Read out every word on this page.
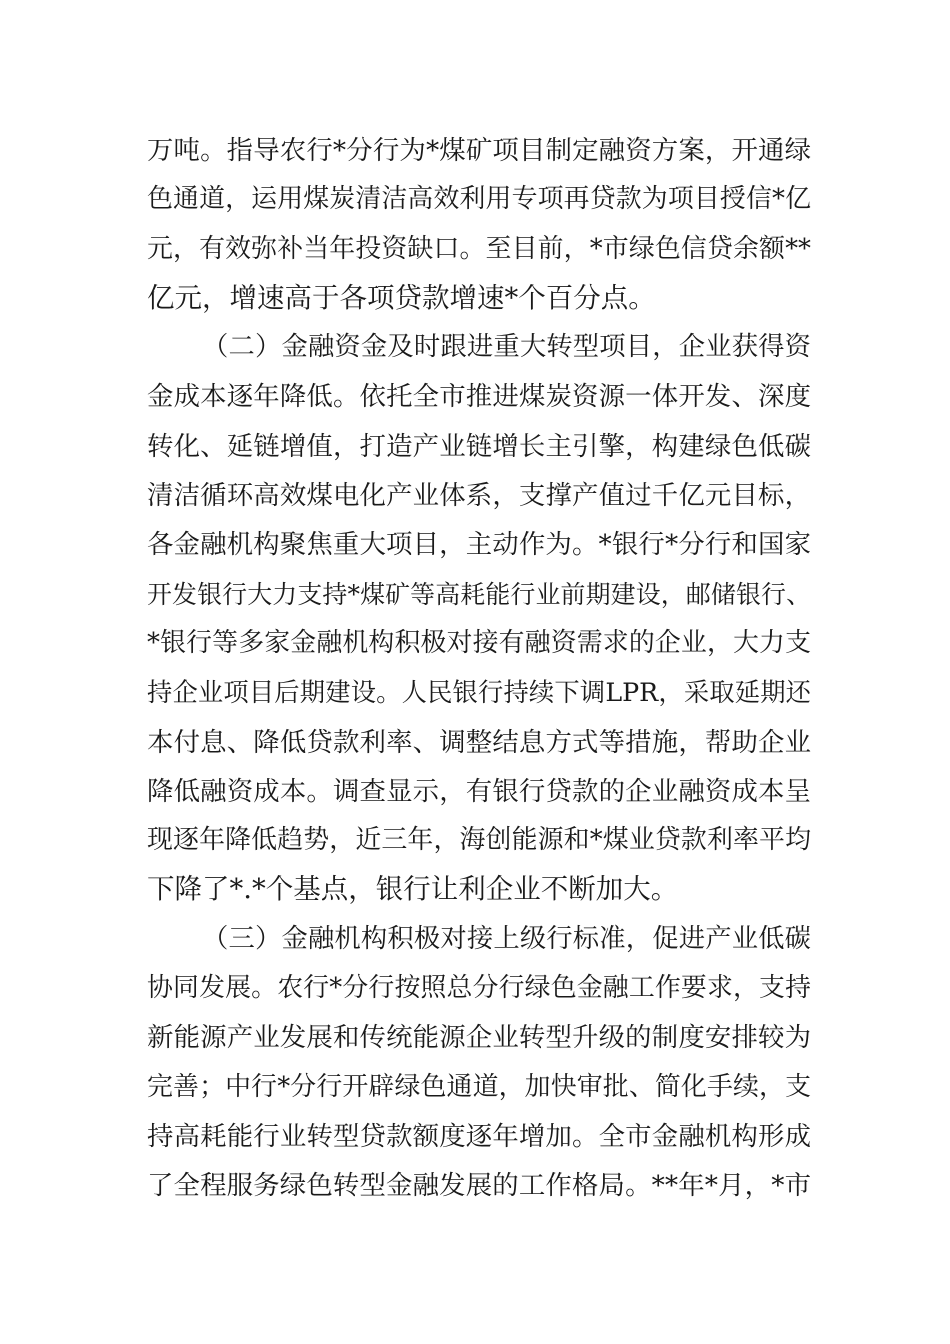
万吨。指导农行*分行为*煤矿项目制定融资方案，开通绿
色通道，运用煤炭清洁高效利用专项再贷款为项目授信*亿
元，有效弥补当年投资缺口。至目前，*市绿色信贷余额**
亿元，增速高于各项贷款增速*个百分点。
（二）金融资金及时跟进重大转型项目，企业获得资
金成本逐年降低。依托全市推进煤炭资源一体开发、深度
转化、延链增值，打造产业链增长主引擎，构建绿色低碳
清洁循环高效煤电化产业体系，支撑产值过千亿元目标，
各金融机构聚焦重大项目，主动作为。*银行*分行和国家
开发银行大力支持*煤矿等高耗能行业前期建设，邮储银行、
*银行等多家金融机构积极对接有融资需求的企业，大力支
持企业项目后期建设。人民银行持续下调LPR，采取延期还
本付息、降低贷款利率、调整结息方式等措施，帮助企业
降低融资成本。调查显示，有银行贷款的企业融资成本呈
现逐年降低趋势，近三年，海创能源和*煤业贷款利率平均
下降了*.*个基点，银行让利企业不断加大。
（三）金融机构积极对接上级行标准，促进产业低碳
协同发展。农行*分行按照总分行绿色金融工作要求，支持
新能源产业发展和传统能源企业转型升级的制度安排较为
完善；中行*分行开辟绿色通道，加快审批、简化手续，支
持高耗能行业转型贷款额度逐年增加。全市金融机构形成
了全程服务绿色转型金融发展的工作格局。**年*月，*市
